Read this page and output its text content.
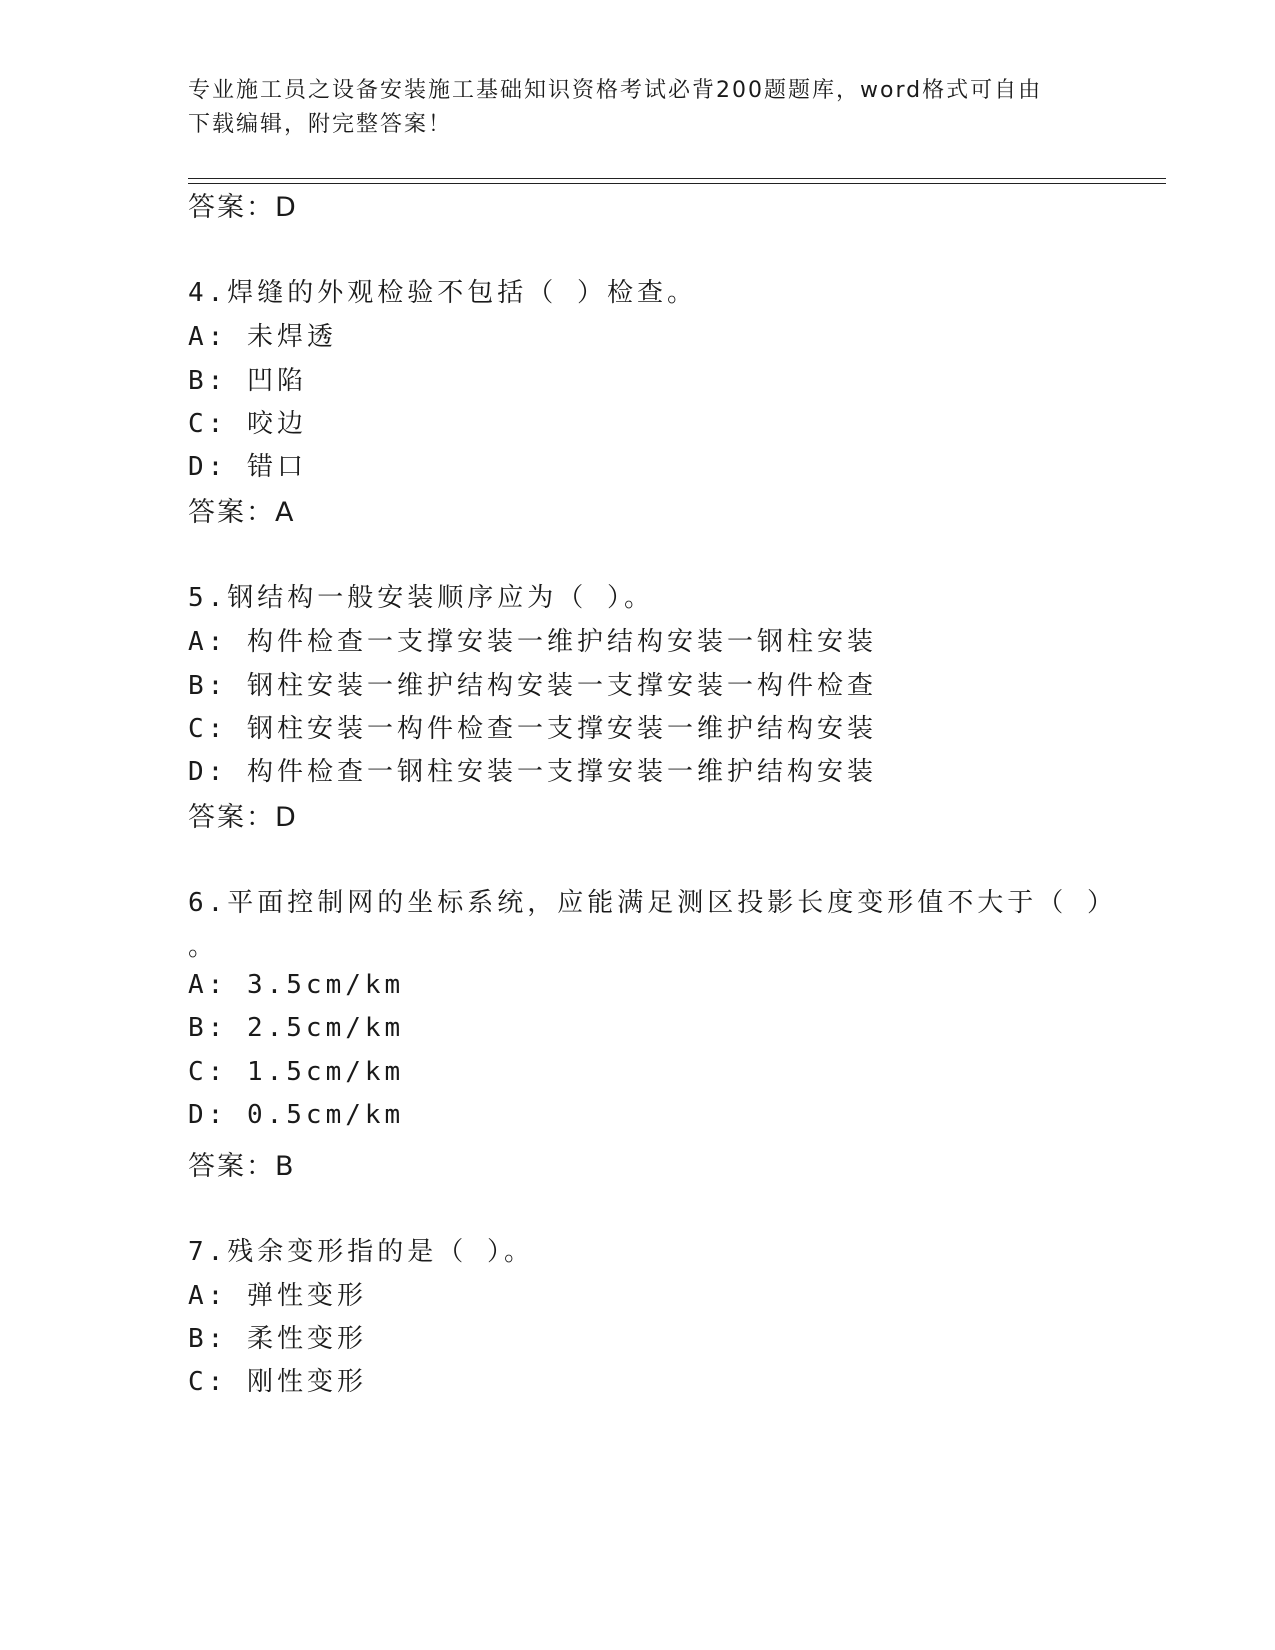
专业施工员之设备安装施工基础知识资格考试必背200题题库，word格式可自由
下载编辑，附完整答案！
答案：D
4.焊缝的外观检验不包括（ ）检查。
A: 未焊透
B: 凹陷
C: 咬边
D: 错口
答案：A
5.钢结构一般安装顺序应为（ ）。
A: 构件检查一支撑安装一维护结构安装一钢柱安装
B: 钢柱安装一维护结构安装一支撑安装一构件检查
C: 钢柱安装一构件检查一支撑安装一维护结构安装
D: 构件检查一钢柱安装一支撑安装一维护结构安装
答案：D
6.平面控制网的坐标系统，应能满足测区投影长度变形值不大于（ ）
。
A: 3.5cm/km
B: 2.5cm/km
C: 1.5cm/km
D: 0.5cm/km
答案：B
7.残余变形指的是（ ）。
A: 弹性变形
B: 柔性变形
C: 刚性变形
